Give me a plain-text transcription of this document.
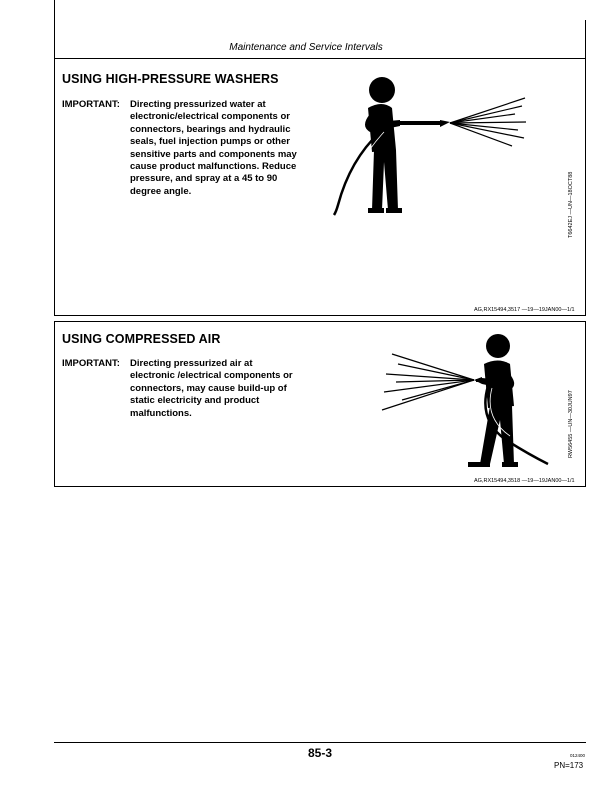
Maintenance and Service Intervals
USING HIGH-PRESSURE WASHERS
IMPORTANT: Directing pressurized water at
electronic/electrical components or
connectors, bearings and hydraulic
seals, fuel injection pumps or other
sensitive parts and components may
cause product malfunctions. Reduce
pressure, and spray at a 45 to 90
degree angle.	T6642EJ —UN—18OCT88
AG,RX15494,3517 —19—19JAN00—1/1
USING COMPRESSED AIR
IMPORTANT: Directing pressurized air at
electronic /electrical components or
connectors, may cause build-up of
static electricity and product
malfunctions.	RW56455 —UN—30JUN97
AG,RX15494,3518 —19—19JAN00—1/1
85-3	012400
PN=173
